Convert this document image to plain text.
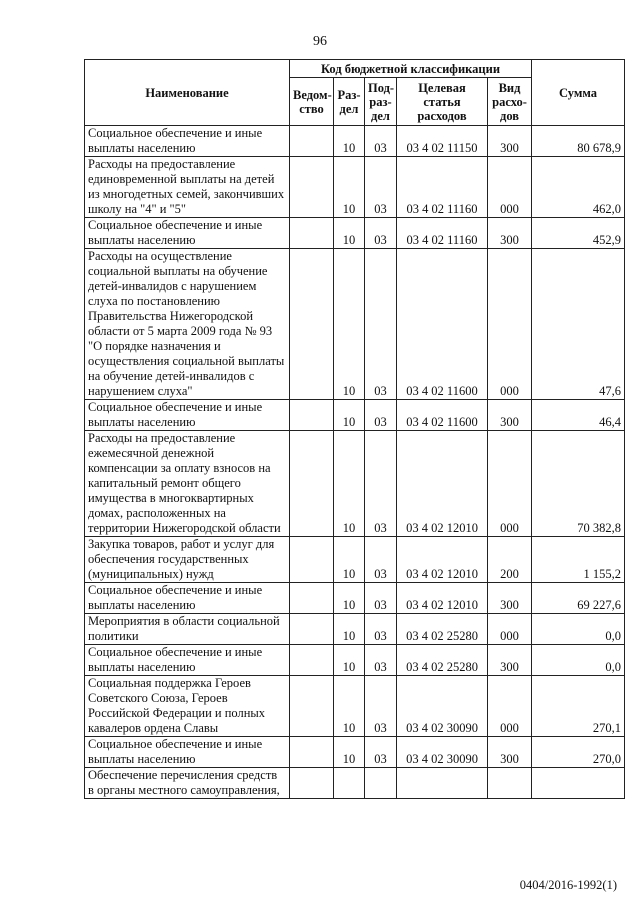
96
Наименование	Код бюджетной классификации					Сумма
	Ведом-ство	Раз-дел	Под-раз-дел	Целевая статья расходов	Вид расхо-дов	
Социальное обеспечение и иные выплаты населению		10	03	03 4 02 11150	300	80 678,9
Расходы на предоставление единовременной выплаты на детей из многодетных семей, закончивших школу на "4" и "5"		10	03	03 4 02 11160	000	462,0
Социальное обеспечение и иные выплаты населению		10	03	03 4 02 11160	300	452,9
Расходы на осуществление социальной выплаты на обучение детей-инвалидов с нарушением слуха по постановлению Правительства Нижегородской области от 5 марта 2009 года № 93 "О порядке назначения и осуществления социальной выплаты на обучение детей-инвалидов с нарушением слуха"		10	03	03 4 02 11600	000	47,6
Социальное обеспечение и иные выплаты населению		10	03	03 4 02 11600	300	46,4
Расходы на предоставление ежемесячной денежной компенсации за оплату взносов на капитальный ремонт общего имущества в многоквартирных домах, расположенных на территории Нижегородской области		10	03	03 4 02 12010	000	70 382,8
Закупка товаров, работ и услуг для обеспечения государственных (муниципальных) нужд		10	03	03 4 02 12010	200	1 155,2
Социальное обеспечение и иные выплаты населению		10	03	03 4 02 12010	300	69 227,6
Мероприятия в области социальной политики		10	03	03 4 02 25280	000	0,0
Социальное обеспечение и иные выплаты населению		10	03	03 4 02 25280	300	0,0
Социальная поддержка Героев Советского Союза, Героев Российской Федерации и полных кавалеров ордена Славы		10	03	03 4 02 30090	000	270,1
Социальное обеспечение и иные выплаты населению		10	03	03 4 02 30090	300	270,0
Обеспечение перечисления средств в органы местного самоуправления,						
0404/2016-1992(1)
